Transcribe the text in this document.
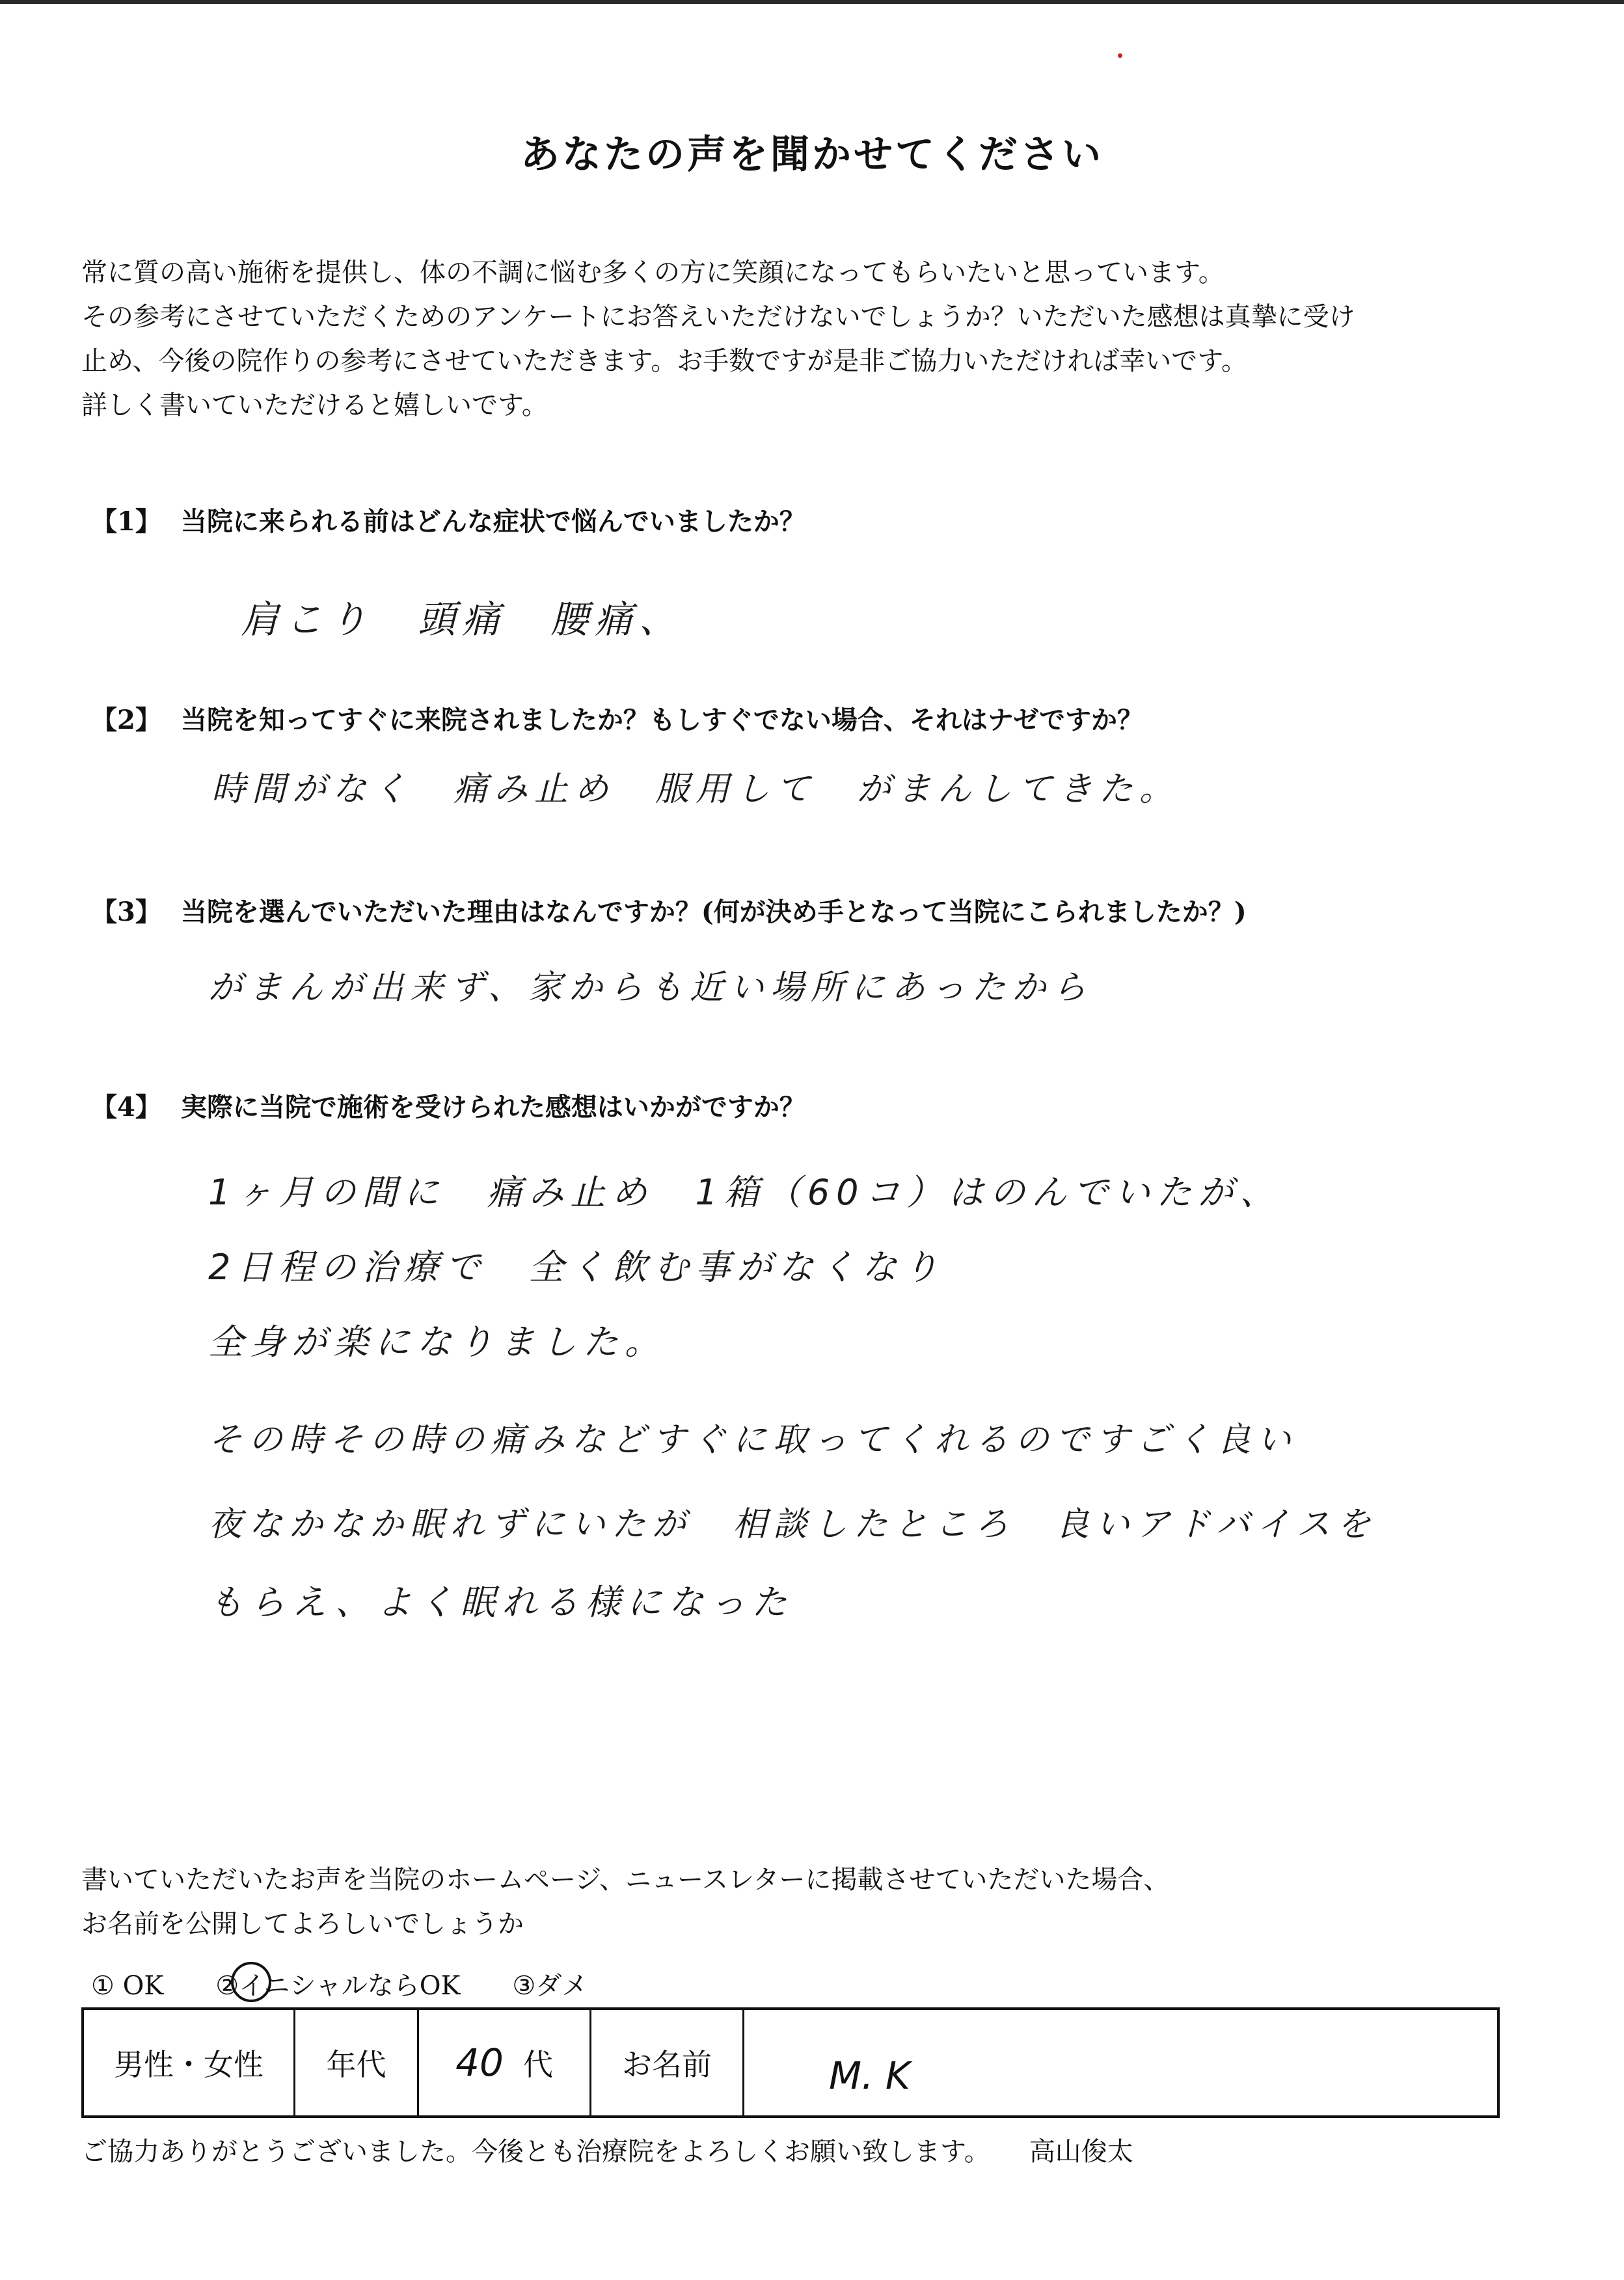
あなたの声を聞かせてください
常に質の高い施術を提供し、体の不調に悩む多くの方に笑顔になってもらいたいと思っています。
その参考にさせていただくためのアンケートにお答えいただけないでしょうか？いただいた感想は真摯に受け
止め、今後の院作りの参考にさせていただきます。お手数ですが是非ご協力いただければ幸いです。
詳しく書いていただけると嬉しいです。
【1】 当院に来られる前はどんな症状で悩んでいましたか？
肩こり　頭痛　腰痛、
【2】 当院を知ってすぐに来院されましたか？もしすぐでない場合、それはナゼですか？
時間がなく　痛み止め　服用して　がまんしてきた。
【3】 当院を選んでいただいた理由はなんですか？(何が決め手となって当院にこられましたか？)
がまんが出来ず、家からも近い場所にあったから
【4】 実際に当院で施術を受けられた感想はいかがですか？
1ヶ月の間に　痛み止め　1箱（60コ）はのんでいたが、
2日程の治療で　全く飲む事がなくなり
全身が楽になりました。
その時その時の痛みなどすぐに取ってくれるのですごく良い
夜なかなか眠れずにいたが　相談したところ　良いアドバイスを
もらえ、よく眠れる様になった
書いていただいたお声を当院のホームページ、ニュースレターに掲載させていただいた場合、
お名前を公開してよろしいでしょうか
① OK ②イニシャルならOK ③ダメ
男性・女性	年代	40 代	お名前	M. K
ご協力ありがとうございました。今後とも治療院をよろしくお願い致します。 高山俊太
